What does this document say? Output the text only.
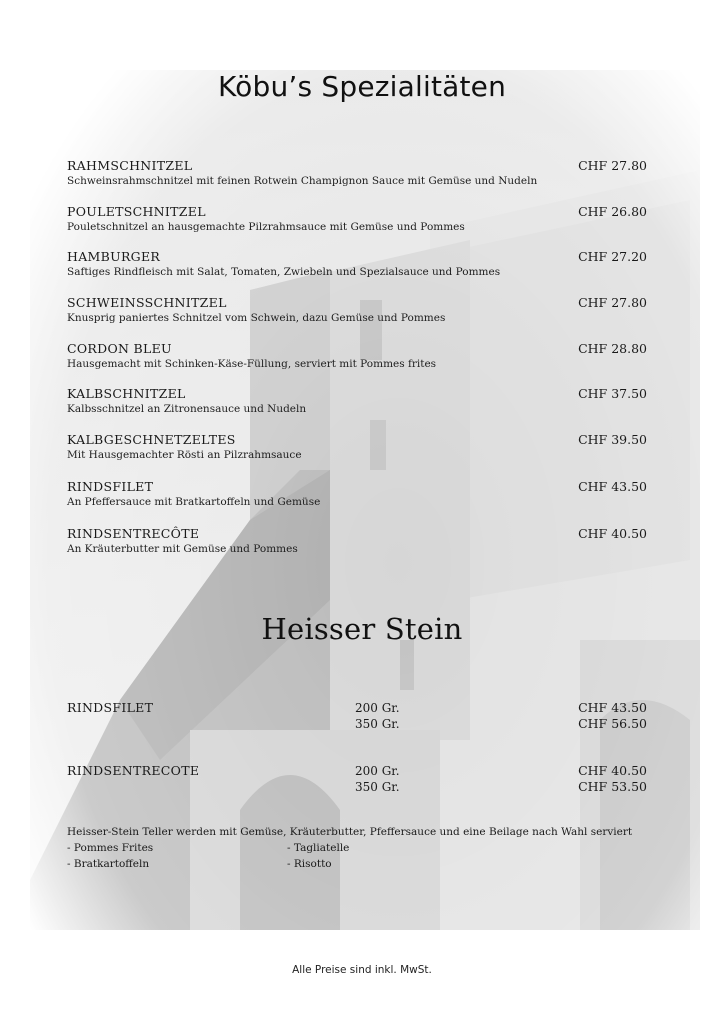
Köbu’s Spezialitäten
RAHMSCHNITZEL
Schweinsrahmschnitzel mit feinen Rotwein Champignon Sauce mit Gemüse und Nudeln
CHF 27.80
POULETSCHNITZEL
Pouletschnitzel an hausgemachte Pilzrahmsauce mit Gemüse und Pommes
CHF 26.80
HAMBURGER
Saftiges Rindfleisch mit Salat, Tomaten, Zwiebeln und Spezialsauce und Pommes
CHF 27.20
SCHWEINSSCHNITZEL
Knusprig paniertes Schnitzel vom Schwein, dazu Gemüse und Pommes
CHF 27.80
CORDON BLEU
Hausgemacht mit Schinken-Käse-Füllung, serviert mit Pommes frites
CHF 28.80
KALBSCHNITZEL
Kalbsschnitzel an Zitronensauce und Nudeln
CHF 37.50
KALBGESCHNETZELTES
Mit Hausgemachter Rösti an Pilzrahmsauce
CHF 39.50
RINDSFILET
An Pfeffersauce mit Bratkartoffeln und Gemüse
CHF 43.50
RINDSENTRECÔTE
An Kräuterbutter mit Gemüse und Pommes
CHF 40.50
Heisser Stein
RINDSFILET	200 Gr.
350 Gr.
CHF 43.50
CHF 56.50
RINDSENTRECOTE	200 Gr.
350 Gr.
CHF 40.50
CHF 53.50
Heisser-Stein Teller werden mit Gemüse, Kräuterbutter, Pfeffersauce und eine Beilage nach Wahl serviert
- Pommes Frites
- Bratkartoffeln
- Tagliatelle
- Risotto
Alle Preise sind inkl. MwSt.
